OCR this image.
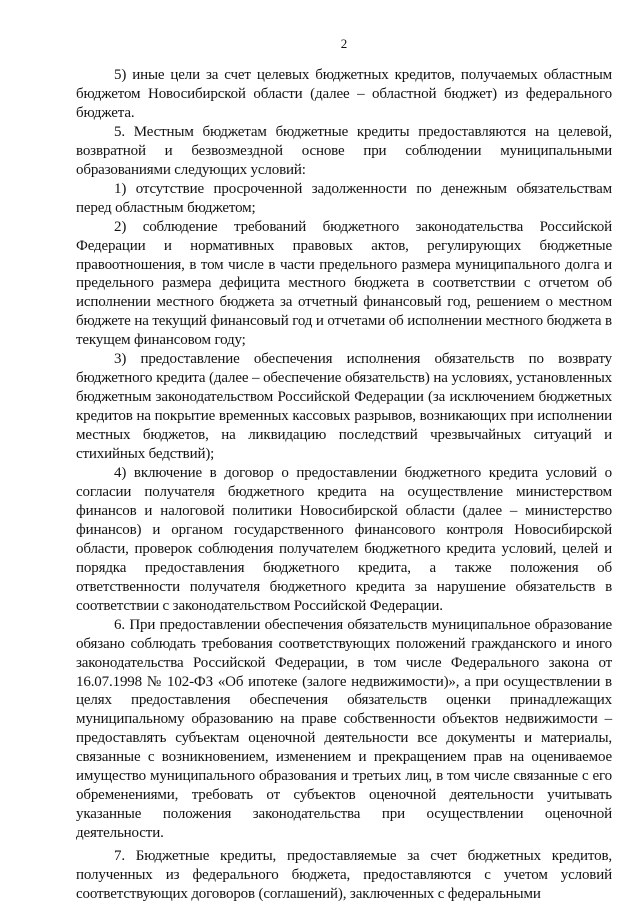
2

5) иные цели за счет целевых бюджетных кредитов, получаемых областным бюджетом Новосибирской области (далее – областной бюджет) из федерального бюджета.

5. Местным бюджетам бюджетные кредиты предоставляются на целевой, возвратной и безвозмездной основе при соблюдении муниципальными образованиями следующих условий:

1) отсутствие просроченной задолженности по денежным обязательствам перед областным бюджетом;

2) соблюдение требований бюджетного законодательства Российской Федерации и нормативных правовых актов, регулирующих бюджетные правоотношения, в том числе в части предельного размера муниципального долга и предельного размера дефицита местного бюджета в соответствии с отчетом об исполнении местного бюджета за отчетный финансовый год, решением о местном бюджете на текущий финансовый год и отчетами об исполнении местного бюджета в текущем финансовом году;

3) предоставление обеспечения исполнения обязательств по возврату бюджетного кредита (далее – обеспечение обязательств) на условиях, установленных бюджетным законодательством Российской Федерации (за исключением бюджетных кредитов на покрытие временных кассовых разрывов, возникающих при исполнении местных бюджетов, на ликвидацию последствий чрезвычайных ситуаций и стихийных бедствий);

4) включение в договор о предоставлении бюджетного кредита условий о согласии получателя бюджетного кредита на осуществление министерством финансов и налоговой политики Новосибирской области (далее – министерство финансов) и органом государственного финансового контроля Новосибирской области, проверок соблюдения получателем бюджетного кредита условий, целей и порядка предоставления бюджетного кредита, а также положения об ответственности получателя бюджетного кредита за нарушение обязательств в соответствии с законодательством Российской Федерации.

6. При предоставлении обеспечения обязательств муниципальное образование обязано соблюдать требования соответствующих положений гражданского и иного законодательства Российской Федерации, в том числе Федерального закона от 16.07.1998 № 102-ФЗ «Об ипотеке (залоге недвижимости)», а при осуществлении в целях предоставления обеспечения обязательств оценки принадлежащих муниципальному образованию на праве собственности объектов недвижимости – предоставлять субъектам оценочной деятельности все документы и материалы, связанные с возникновением, изменением и прекращением прав на оцениваемое имущество муниципального образования и третьих лиц, в том числе связанные с его обременениями, требовать от субъектов оценочной деятельности учитывать указанные положения законодательства при осуществлении оценочной деятельности.

7. Бюджетные кредиты, предоставляемые за счет бюджетных кредитов, полученных из федерального бюджета, предоставляются с учетом условий соответствующих договоров (соглашений), заключенных с федеральными
